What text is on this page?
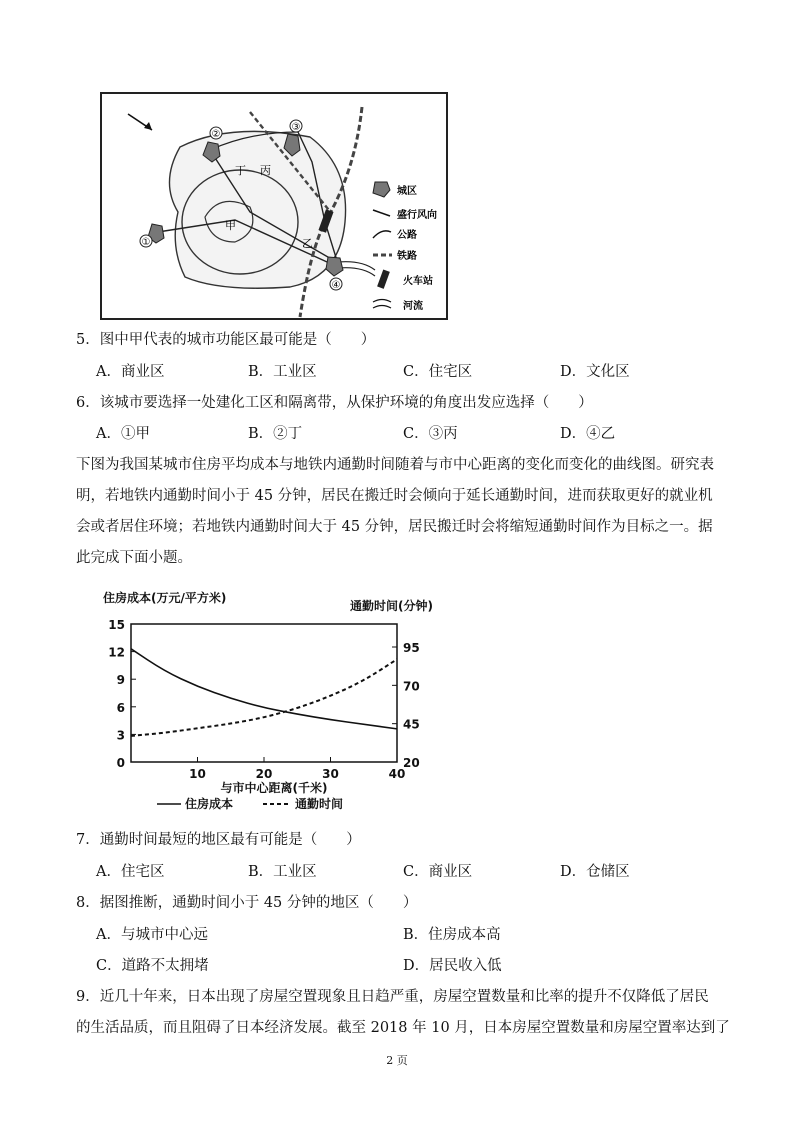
②
③
①
④
丁 丙
甲
乙
城区
盛行风向
公路
铁路
火车站
河流
5．图中甲代表的城市功能区最可能是（　　）
A．商业区	B．工业区	C．住宅区	D．文化区
6．该城市要选择一处建化工区和隔离带，从保护环境的角度出发应选择（　　）
A．①甲	B．②丁	C．③丙	D．④乙
下图为我国某城市住房平均成本与地铁内通勤时间随着与市中心距离的变化而变化的曲线图。研究表
明，若地铁内通勤时间小于 45 分钟，居民在搬迁时会倾向于延长通勤时间，进而获取更好的就业机
会或者居住环境；若地铁内通勤时间大于 45 分钟，居民搬迁时会将缩短通勤时间作为目标之一。据
此完成下面小题。
住房成本(万元/平方米)
通勤时间(分钟)
与市中心距离(千米)
0
3
6
9
12
15
20
45
70
95
10	20	30	40
住房成本	通勤时间
7．通勤时间最短的地区最有可能是（　　）
A．住宅区	B．工业区	C．商业区	D．仓储区
8．据图推断，通勤时间小于 45 分钟的地区（　　）
A．与城市中心远	B．住房成本高
C．道路不太拥堵	D．居民收入低
9．近几十年来，日本出现了房屋空置现象且日趋严重，房屋空置数量和比率的提升不仅降低了居民
的生活品质，而且阻碍了日本经济发展。截至 2018 年 10 月，日本房屋空置数量和房屋空置率达到了
2 页
